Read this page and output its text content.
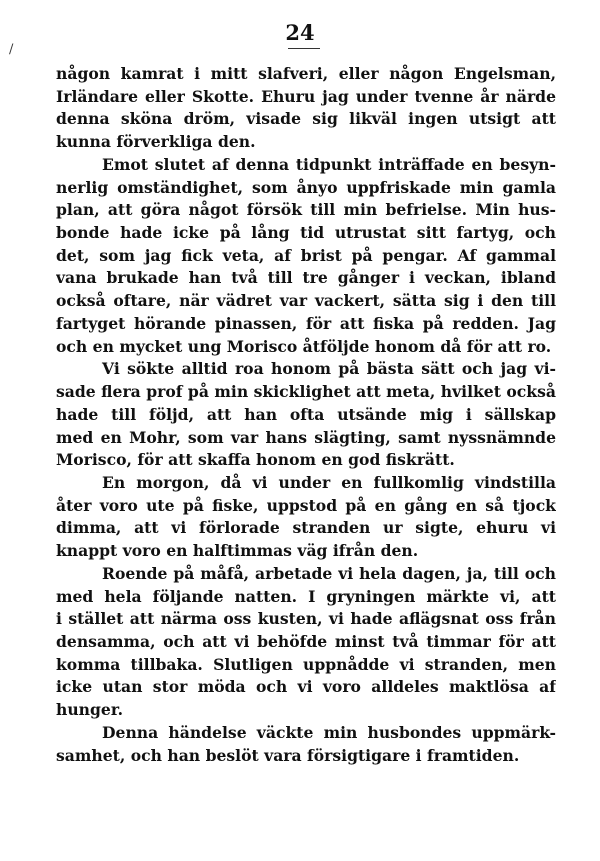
/
24
någon kamrat i mitt slafveri, eller någon Engelsman,
Irländare eller Skotte. Ehuru jag under tvenne år närde
denna sköna dröm, visade sig likväl ingen utsigt att
kunna förverkliga den.
Emot slutet af denna tidpunkt inträffade en besyn-
nerlig omständighet, som ånyo uppfriskade min gamla
plan, att göra något försök till min befrielse. Min hus-
bonde hade icke på lång tid utrustat sitt fartyg, och
det, som jag fick veta, af brist på pengar. Af gammal
vana brukade han två till tre gånger i veckan, ibland
också oftare, när vädret var vackert, sätta sig i den till
fartyget hörande pinassen, för att fiska på redden. Jag
och en mycket ung Morisco åtföljde honom då för att ro.
Vi sökte alltid roa honom på bästa sätt och jag vi-
sade flera prof på min skicklighet att meta, hvilket också
hade till följd, att han ofta utsände mig i sällskap
med en Mohr, som var hans slägting, samt nyssnämnde
Morisco, för att skaffa honom en god fiskrätt.
En morgon, då vi under en fullkomlig vindstilla
åter voro ute på fiske, uppstod på en gång en så tjock
dimma, att vi förlorade stranden ur sigte, ehuru vi
knappt voro en halftimmas väg ifrån den.
Roende på måfå, arbetade vi hela dagen, ja, till och
med hela följande natten. I gryningen märkte vi, att
i stället att närma oss kusten, vi hade aflägsnat oss från
densamma, och att vi behöfde minst två timmar för att
komma tillbaka. Slutligen uppnådde vi stranden, men
icke utan stor möda och vi voro alldeles maktlösa af
hunger.
Denna händelse väckte min husbondes uppmärk-
samhet, och han beslöt vara försigtigare i framtiden.
